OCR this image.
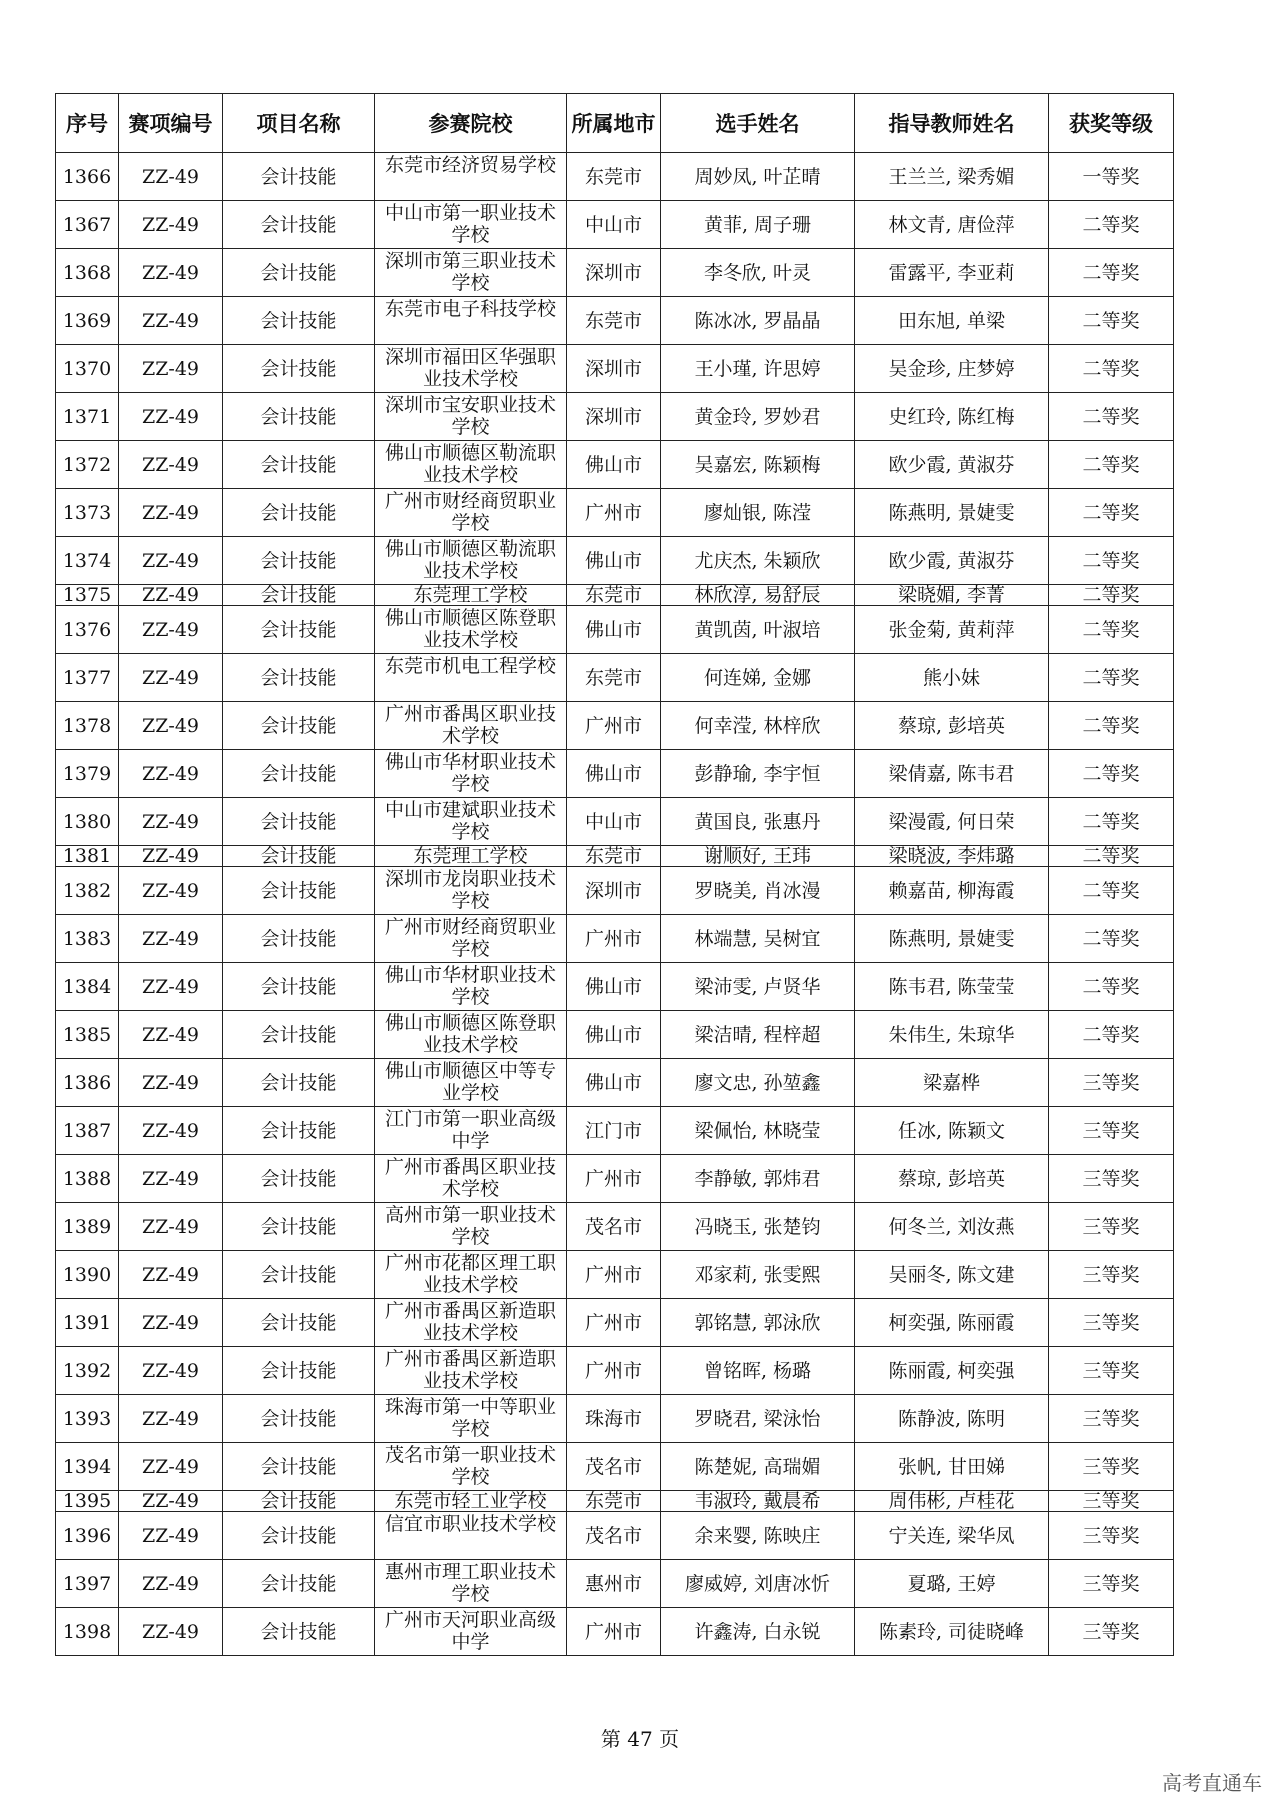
序号	赛项编号	项目名称	参赛院校	所属地市	选手姓名	指导教师姓名	获奖等级
1366	ZZ-49	会计技能	东莞市经济贸易学校	东莞市	周妙凤, 叶芷晴	王兰兰, 梁秀媚	一等奖
1367	ZZ-49	会计技能	中山市第一职业技术学校	中山市	黄菲, 周子珊	林文青, 唐俭萍	二等奖
1368	ZZ-49	会计技能	深圳市第三职业技术学校	深圳市	李冬欣, 叶灵	雷露平, 李亚莉	二等奖
1369	ZZ-49	会计技能	东莞市电子科技学校	东莞市	陈冰冰, 罗晶晶	田东旭, 单梁	二等奖
1370	ZZ-49	会计技能	深圳市福田区华强职业技术学校	深圳市	王小瑾, 许思婷	吴金珍, 庄梦婷	二等奖
1371	ZZ-49	会计技能	深圳市宝安职业技术学校	深圳市	黄金玲, 罗妙君	史红玲, 陈红梅	二等奖
1372	ZZ-49	会计技能	佛山市顺德区勒流职业技术学校	佛山市	吴嘉宏, 陈颖梅	欧少霞, 黄淑芬	二等奖
1373	ZZ-49	会计技能	广州市财经商贸职业学校	广州市	廖灿银, 陈滢	陈燕明, 景婕雯	二等奖
1374	ZZ-49	会计技能	佛山市顺德区勒流职业技术学校	佛山市	尤庆杰, 朱颖欣	欧少霞, 黄淑芬	二等奖
1375	ZZ-49	会计技能	东莞理工学校	东莞市	林欣淳, 易舒辰	梁晓媚, 李菁	二等奖
1376	ZZ-49	会计技能	佛山市顺德区陈登职业技术学校	佛山市	黄凯茵, 叶淑培	张金菊, 黄莉萍	二等奖
1377	ZZ-49	会计技能	东莞市机电工程学校	东莞市	何连娣, 金娜	熊小妹	二等奖
1378	ZZ-49	会计技能	广州市番禺区职业技术学校	广州市	何幸滢, 林梓欣	蔡琼, 彭培英	二等奖
1379	ZZ-49	会计技能	佛山市华材职业技术学校	佛山市	彭静瑜, 李宇恒	梁倩嘉, 陈韦君	二等奖
1380	ZZ-49	会计技能	中山市建斌职业技术学校	中山市	黄国良, 张惠丹	梁漫霞, 何日荣	二等奖
1381	ZZ-49	会计技能	东莞理工学校	东莞市	谢顺好, 王玮	梁晓波, 李炜璐	二等奖
1382	ZZ-49	会计技能	深圳市龙岗职业技术学校	深圳市	罗晓美, 肖冰漫	赖嘉苗, 柳海霞	二等奖
1383	ZZ-49	会计技能	广州市财经商贸职业学校	广州市	林端慧, 吴树宜	陈燕明, 景婕雯	二等奖
1384	ZZ-49	会计技能	佛山市华材职业技术学校	佛山市	梁沛雯, 卢贤华	陈韦君, 陈莹莹	二等奖
1385	ZZ-49	会计技能	佛山市顺德区陈登职业技术学校	佛山市	梁洁晴, 程梓超	朱伟生, 朱琼华	二等奖
1386	ZZ-49	会计技能	佛山市顺德区中等专业学校	佛山市	廖文忠, 孙堃鑫	梁嘉桦	三等奖
1387	ZZ-49	会计技能	江门市第一职业高级中学	江门市	梁佩怡, 林晓莹	任冰, 陈颖文	三等奖
1388	ZZ-49	会计技能	广州市番禺区职业技术学校	广州市	李静敏, 郭炜君	蔡琼, 彭培英	三等奖
1389	ZZ-49	会计技能	高州市第一职业技术学校	茂名市	冯晓玉, 张楚钧	何冬兰, 刘汝燕	三等奖
1390	ZZ-49	会计技能	广州市花都区理工职业技术学校	广州市	邓家莉, 张雯熙	吴丽冬, 陈文建	三等奖
1391	ZZ-49	会计技能	广州市番禺区新造职业技术学校	广州市	郭铭慧, 郭泳欣	柯奕强, 陈丽霞	三等奖
1392	ZZ-49	会计技能	广州市番禺区新造职业技术学校	广州市	曾铭晖, 杨璐	陈丽霞, 柯奕强	三等奖
1393	ZZ-49	会计技能	珠海市第一中等职业学校	珠海市	罗晓君, 梁泳怡	陈静波, 陈明	三等奖
1394	ZZ-49	会计技能	茂名市第一职业技术学校	茂名市	陈楚妮, 高瑞媚	张帆, 甘田娣	三等奖
1395	ZZ-49	会计技能	东莞市轻工业学校	东莞市	韦淑玲, 戴晨希	周伟彬, 卢桂花	三等奖
1396	ZZ-49	会计技能	信宜市职业技术学校	茂名市	余来婴, 陈映庄	宁关连, 梁华凤	三等奖
1397	ZZ-49	会计技能	惠州市理工职业技术学校	惠州市	廖威婷, 刘唐冰忻	夏璐, 王婷	三等奖
1398	ZZ-49	会计技能	广州市天河职业高级中学	广州市	许鑫涛, 白永锐	陈素玲, 司徒晓峰	三等奖
第 47 页
高考直通车
